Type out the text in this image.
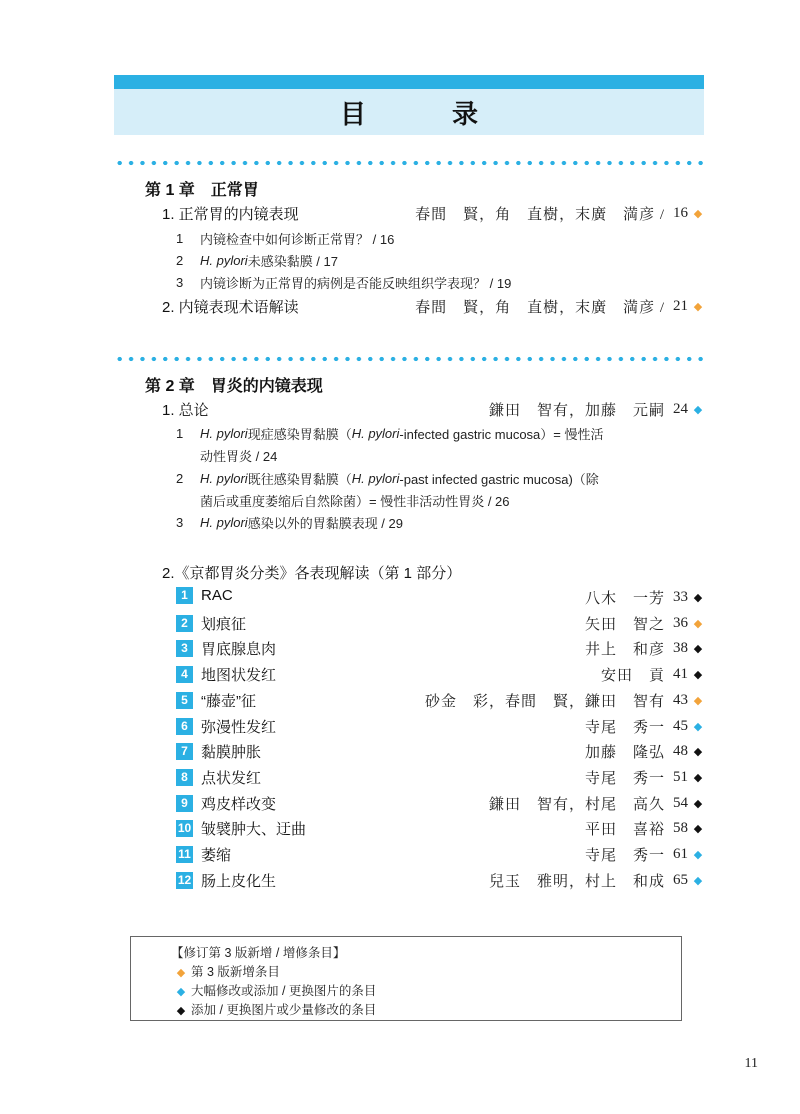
目　录
第 1 章　正常胃
1. 正常胃的内镜表现	春間　賢，角　直樹，末廣　満彦 / 16 ◆
1	内镜检查中如何诊断正常胃？ / 16
2	H. pylori 未感染黏膜 / 17
3	内镜诊断为正常胃的病例是否能反映组织学表现？ / 19
2. 内镜表现术语解读	春間　賢，角　直樹，末廣　満彦 / 21 ◆
第 2 章　胃炎的内镜表现
1. 总论	鎌田　智有，加藤　元嗣 24 ◆
1	H. pylori 现症感染胃黏膜（ H. pylori -infected gastric mucosa）= 慢性活
动性胃炎 / 24
2	H. pylori 既往感染胃黏膜（ H. pylori -past infected gastric mucosa)（除
菌后或重度萎缩后自然除菌）= 慢性非活动性胃炎 / 26
3	H. pylori 感染以外的胃黏膜表现 / 29
2.《京都胃炎分类》各表现解读（第 1 部分）
1 RAC	八木　一芳 33 ◆
2 划痕征	矢田　智之 36 ◆
3 胃底腺息肉	井上　和彦 38 ◆
4 地图状发红	安田　貢 41 ◆
5 “藤壶”征	砂金　彩，春間　賢，鎌田　智有 43 ◆
6 弥漫性发红	寺尾　秀一 45 ◆
7 黏膜肿胀	加藤　隆弘 48 ◆
8 点状发红	寺尾　秀一 51 ◆
9 鸡皮样改变	鎌田　智有，村尾　高久 54 ◆
10 皱襞肿大、迂曲	平田　喜裕 58 ◆
11 萎缩	寺尾　秀一 61 ◆
12 肠上皮化生	兒玉　雅明，村上　和成 65 ◆
【修订第 3 版新增 / 增修条目】
◆ 第 3 版新增条目
◆ 大幅修改或添加 / 更换图片的条目
◆ 添加 / 更换图片或少量修改的条目
11
